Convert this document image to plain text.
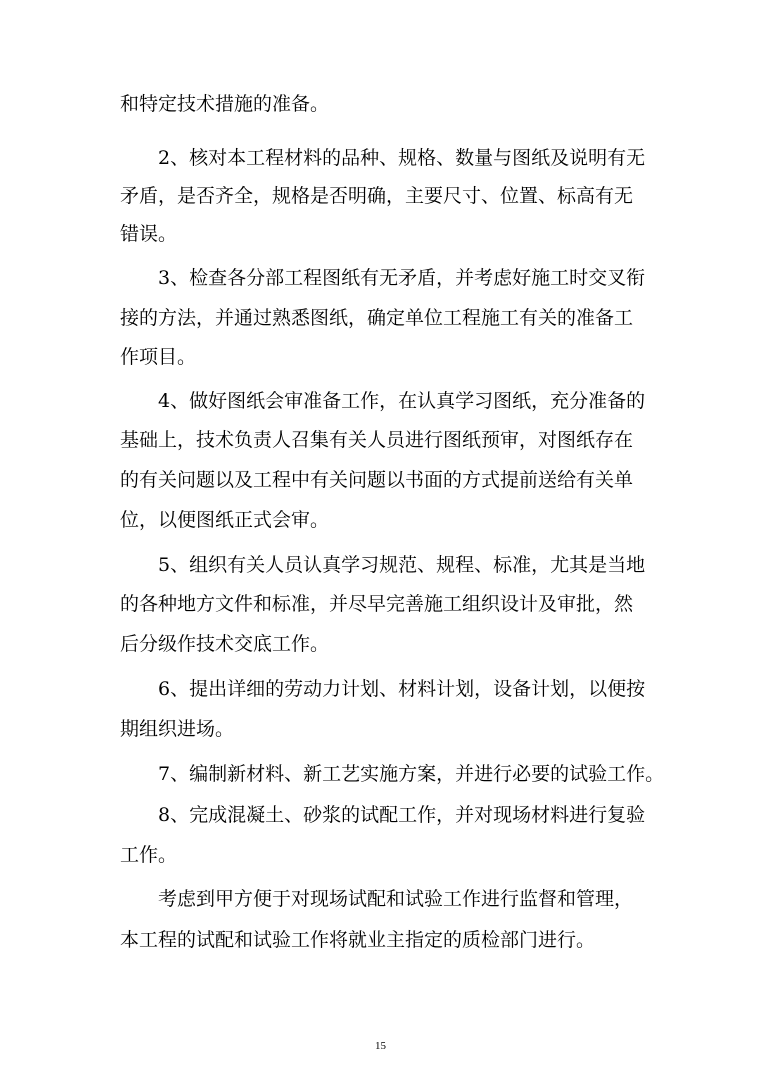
和特定技术措施的准备。
2、核对本工程材料的品种、规格、数量与图纸及说明有无
矛盾，是否齐全，规格是否明确，主要尺寸、位置、标高有无
错误。
3、检查各分部工程图纸有无矛盾，并考虑好施工时交叉衔
接的方法，并通过熟悉图纸，确定单位工程施工有关的准备工
作项目。
4、做好图纸会审准备工作，在认真学习图纸，充分准备的
基础上，技术负责人召集有关人员进行图纸预审，对图纸存在
的有关问题以及工程中有关问题以书面的方式提前送给有关单
位，以便图纸正式会审。
5、组织有关人员认真学习规范、规程、标准，尤其是当地
的各种地方文件和标准，并尽早完善施工组织设计及审批，然
后分级作技术交底工作。
6、提出详细的劳动力计划、材料计划，设备计划，以便按
期组织进场。
7、编制新材料、新工艺实施方案，并进行必要的试验工作。
8、完成混凝土、砂浆的试配工作，并对现场材料进行复验
工作。
考虑到甲方便于对现场试配和试验工作进行监督和管理，
本工程的试配和试验工作将就业主指定的质检部门进行。
15
